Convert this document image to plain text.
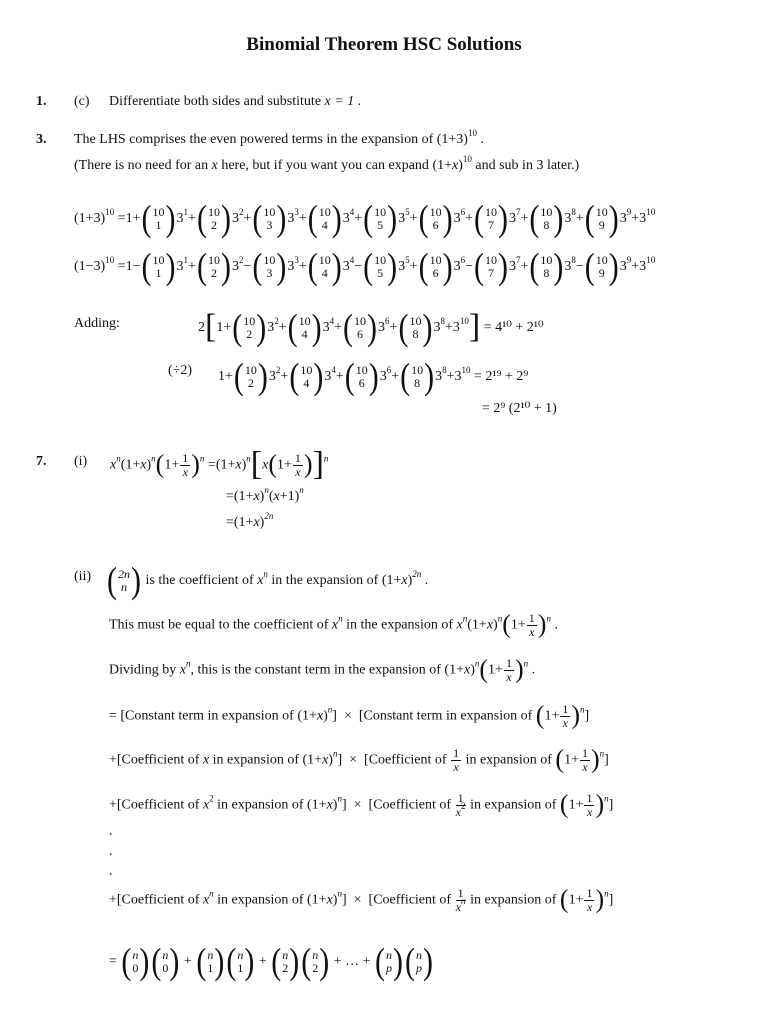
Binomial Theorem HSC Solutions
1. (c) Differentiate both sides and substitute x = 1 .
3. The LHS comprises the even powered terms in the expansion of $(1+3)^{10}$ .
(There is no need for an x here, but if you want you can expand $(1+x)^{10}$ and sub in 3 later.)
$(1+3)^{10} =1+$ ( 10
1 ) $3^1+$ ( 10
2 ) $3^2+$ ( 10
3 ) $3^3+$ ( 10
4 ) $3^4+$ ( 10
5 ) $3^5+$ ( 10
6 ) $3^6+$ ( 10
7 ) $3^7+$ ( 10
8 ) $3^8+$ ( 10
9 ) $3^9+3^{10}$
$(1-3)^{10} =1-$ ( 10
1 ) $3^1+$ ( 10
2 ) $3^2-$ ( 10
3 ) $3^3+$ ( 10
4 ) $3^4-$ ( 10
5 ) $3^5+$ ( 10
6 ) $3^6-$ ( 10
7 ) $3^7+$ ( 10
8 ) $3^8-$ ( 10
9 ) $3^9+3^{10}$
Adding:	2[1+ ( 10
2 ) $3^2+$ ( 10
4 ) $3^4+$ ( 10
6 ) $3^6+$ ( 10
8 ) $3^8+3^{10}] = 4^{10} + 2^{10}$
(÷2) 1+ ( 10
2 ) $3^2+$ ( 10
4 ) $3^4+$ ( 10
6 ) $3^6+$ ( 10
8 ) $3^8+3^{10} = 2^{19} + 2^9$
= 2⁹ (2¹⁰ + 1)
7. (i) $x^n(1+x)^n(1+ \frac{1}{x} )^n =(1+x)^n[x(1+ \frac{1}{x} )]^n$
$=(1+x)^n(x+1)^n$
$=(1+x)^{2n}$
(ii) ( 2n
n ) is the coefficient of $x^n$ in the expansion of $(1+x)^{2n}$ .
This must be equal to the coefficient of $x^n$ in the expansion of $x^n(1+x)^n(1+ \frac{1}{x} )^n$ .
Dividing by $x^n$, this is the constant term in the expansion of $(1+x)^n(1+ \frac{1}{x} )^n$ .
= [Constant term in expansion of $(1+x)^n$]  × [Constant term in expansion of $(1+ \frac{1}{x} )^n$]
+[Coefficient of x in expansion of $(1+x)^n$]  × [Coefficient of $\frac{1}{x}$ in expansion of $(1+ \frac{1}{x} )^n$]
+[Coefficient of $x^2$ in expansion of $(1+x)^n$]  × [Coefficient of $\frac{1}{x^2}$ in expansion of $(1+ \frac{1}{x} )^n$]
.
.
.
+[Coefficient of $x^n$ in expansion of $(1+x)^n$]  × [Coefficient of $\frac{1}{x^n}$ in expansion of $(1+ \frac{1}{x} )^n$]
= ( n
0 ) ( n
0 ) + ( n
1 ) ( n
1 ) + ( n
2 ) ( n
2 ) + … + ( n
p ) ( n
p )
